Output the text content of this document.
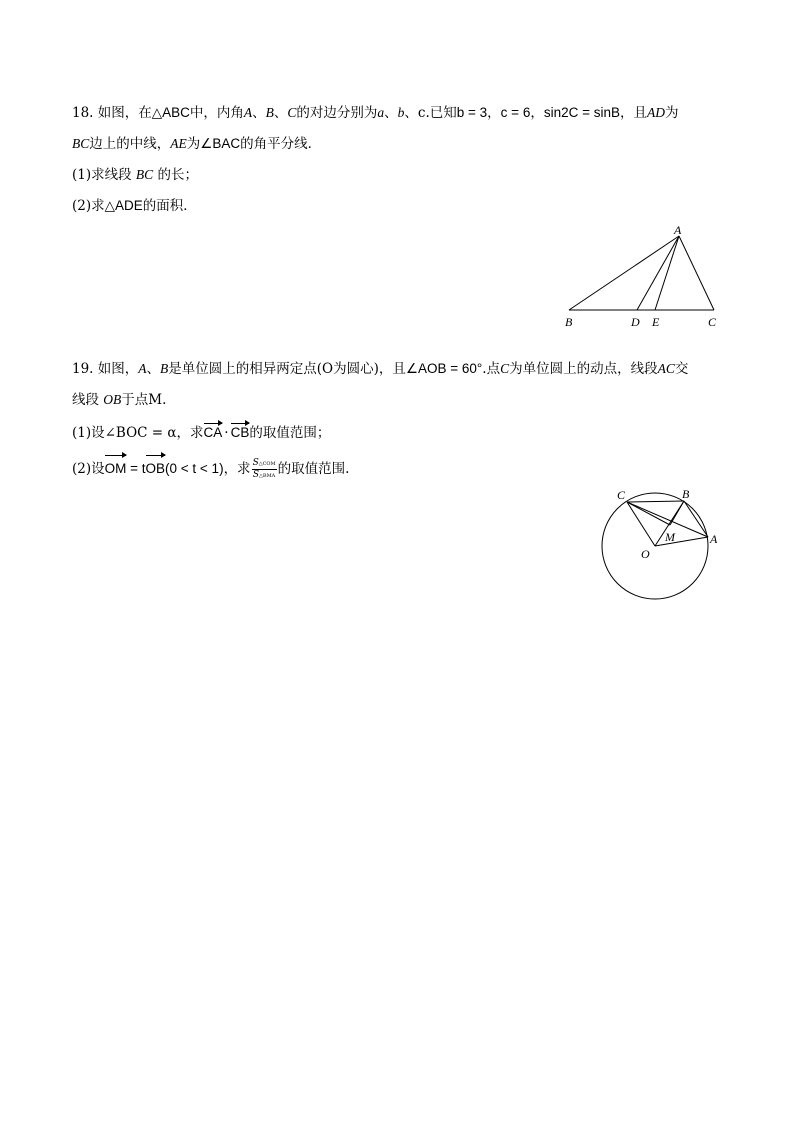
18. 如图，在△ABC中，内角A、B、C的对边分别为a、b、c.已知b = 3，c = 6，sin2C = sinB，且AD为
BC边上的中线，AE为∠BAC的角平分线．
(1)求线段 BC 的长；
(2)求△ADE的面积．
A
B	D E	C
19. 如图，A、B是单位圆上的相异两定点(O为圆心)，且∠AOB = 60°.点C为单位圆上的动点，线段AC交
线段 OB于点M.
(1)设∠BOC = α，求CA · CB的取值范围；
(2)设OM = tOB(0 < t < 1)，求 $\frac{\text{S△COM}}{\text{S△BMA}}$ 的取值范围.
C	B
M	A
O
